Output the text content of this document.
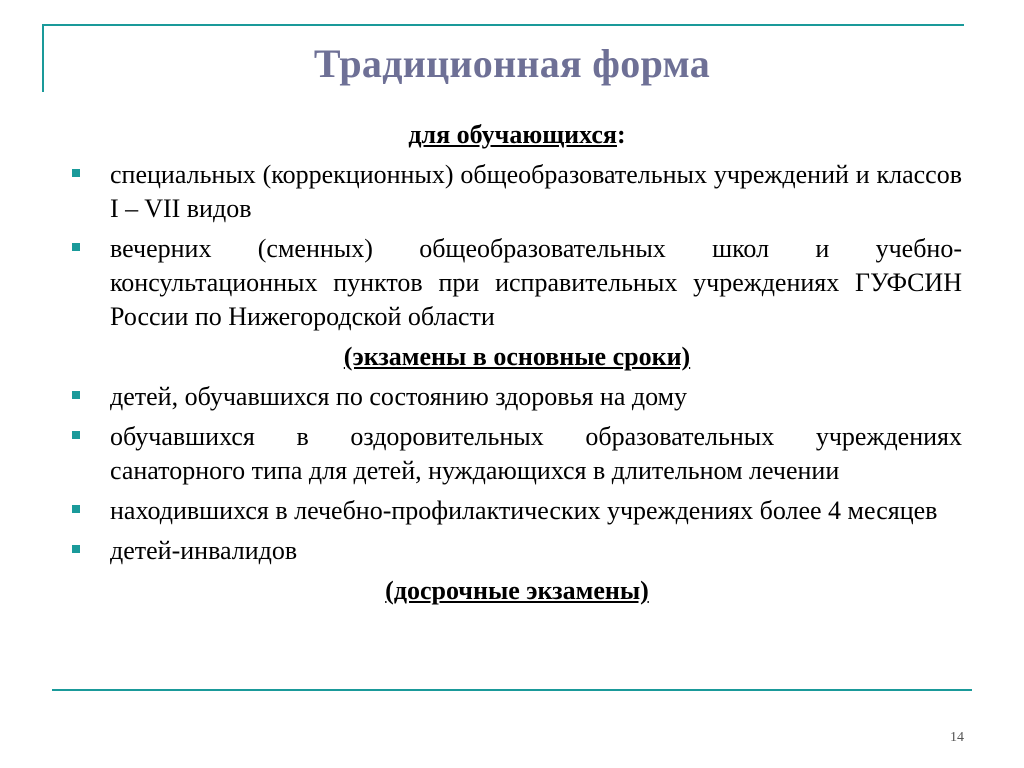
Традиционная форма
для обучающихся:
специальных (коррекционных) общеобразовательных учреждений и классов I – VII видов
вечерних (сменных) общеобразовательных школ и учебно-консультационных пунктов при исправительных учреждениях ГУФСИН России по Нижегородской области
(экзамены в основные сроки)
детей, обучавшихся по состоянию здоровья на дому
обучавшихся в оздоровительных образовательных учреждениях санаторного типа для детей, нуждающихся в длительном лечении
находившихся в лечебно-профилактических учреждениях более 4 месяцев
детей-инвалидов
(досрочные экзамены)
14
